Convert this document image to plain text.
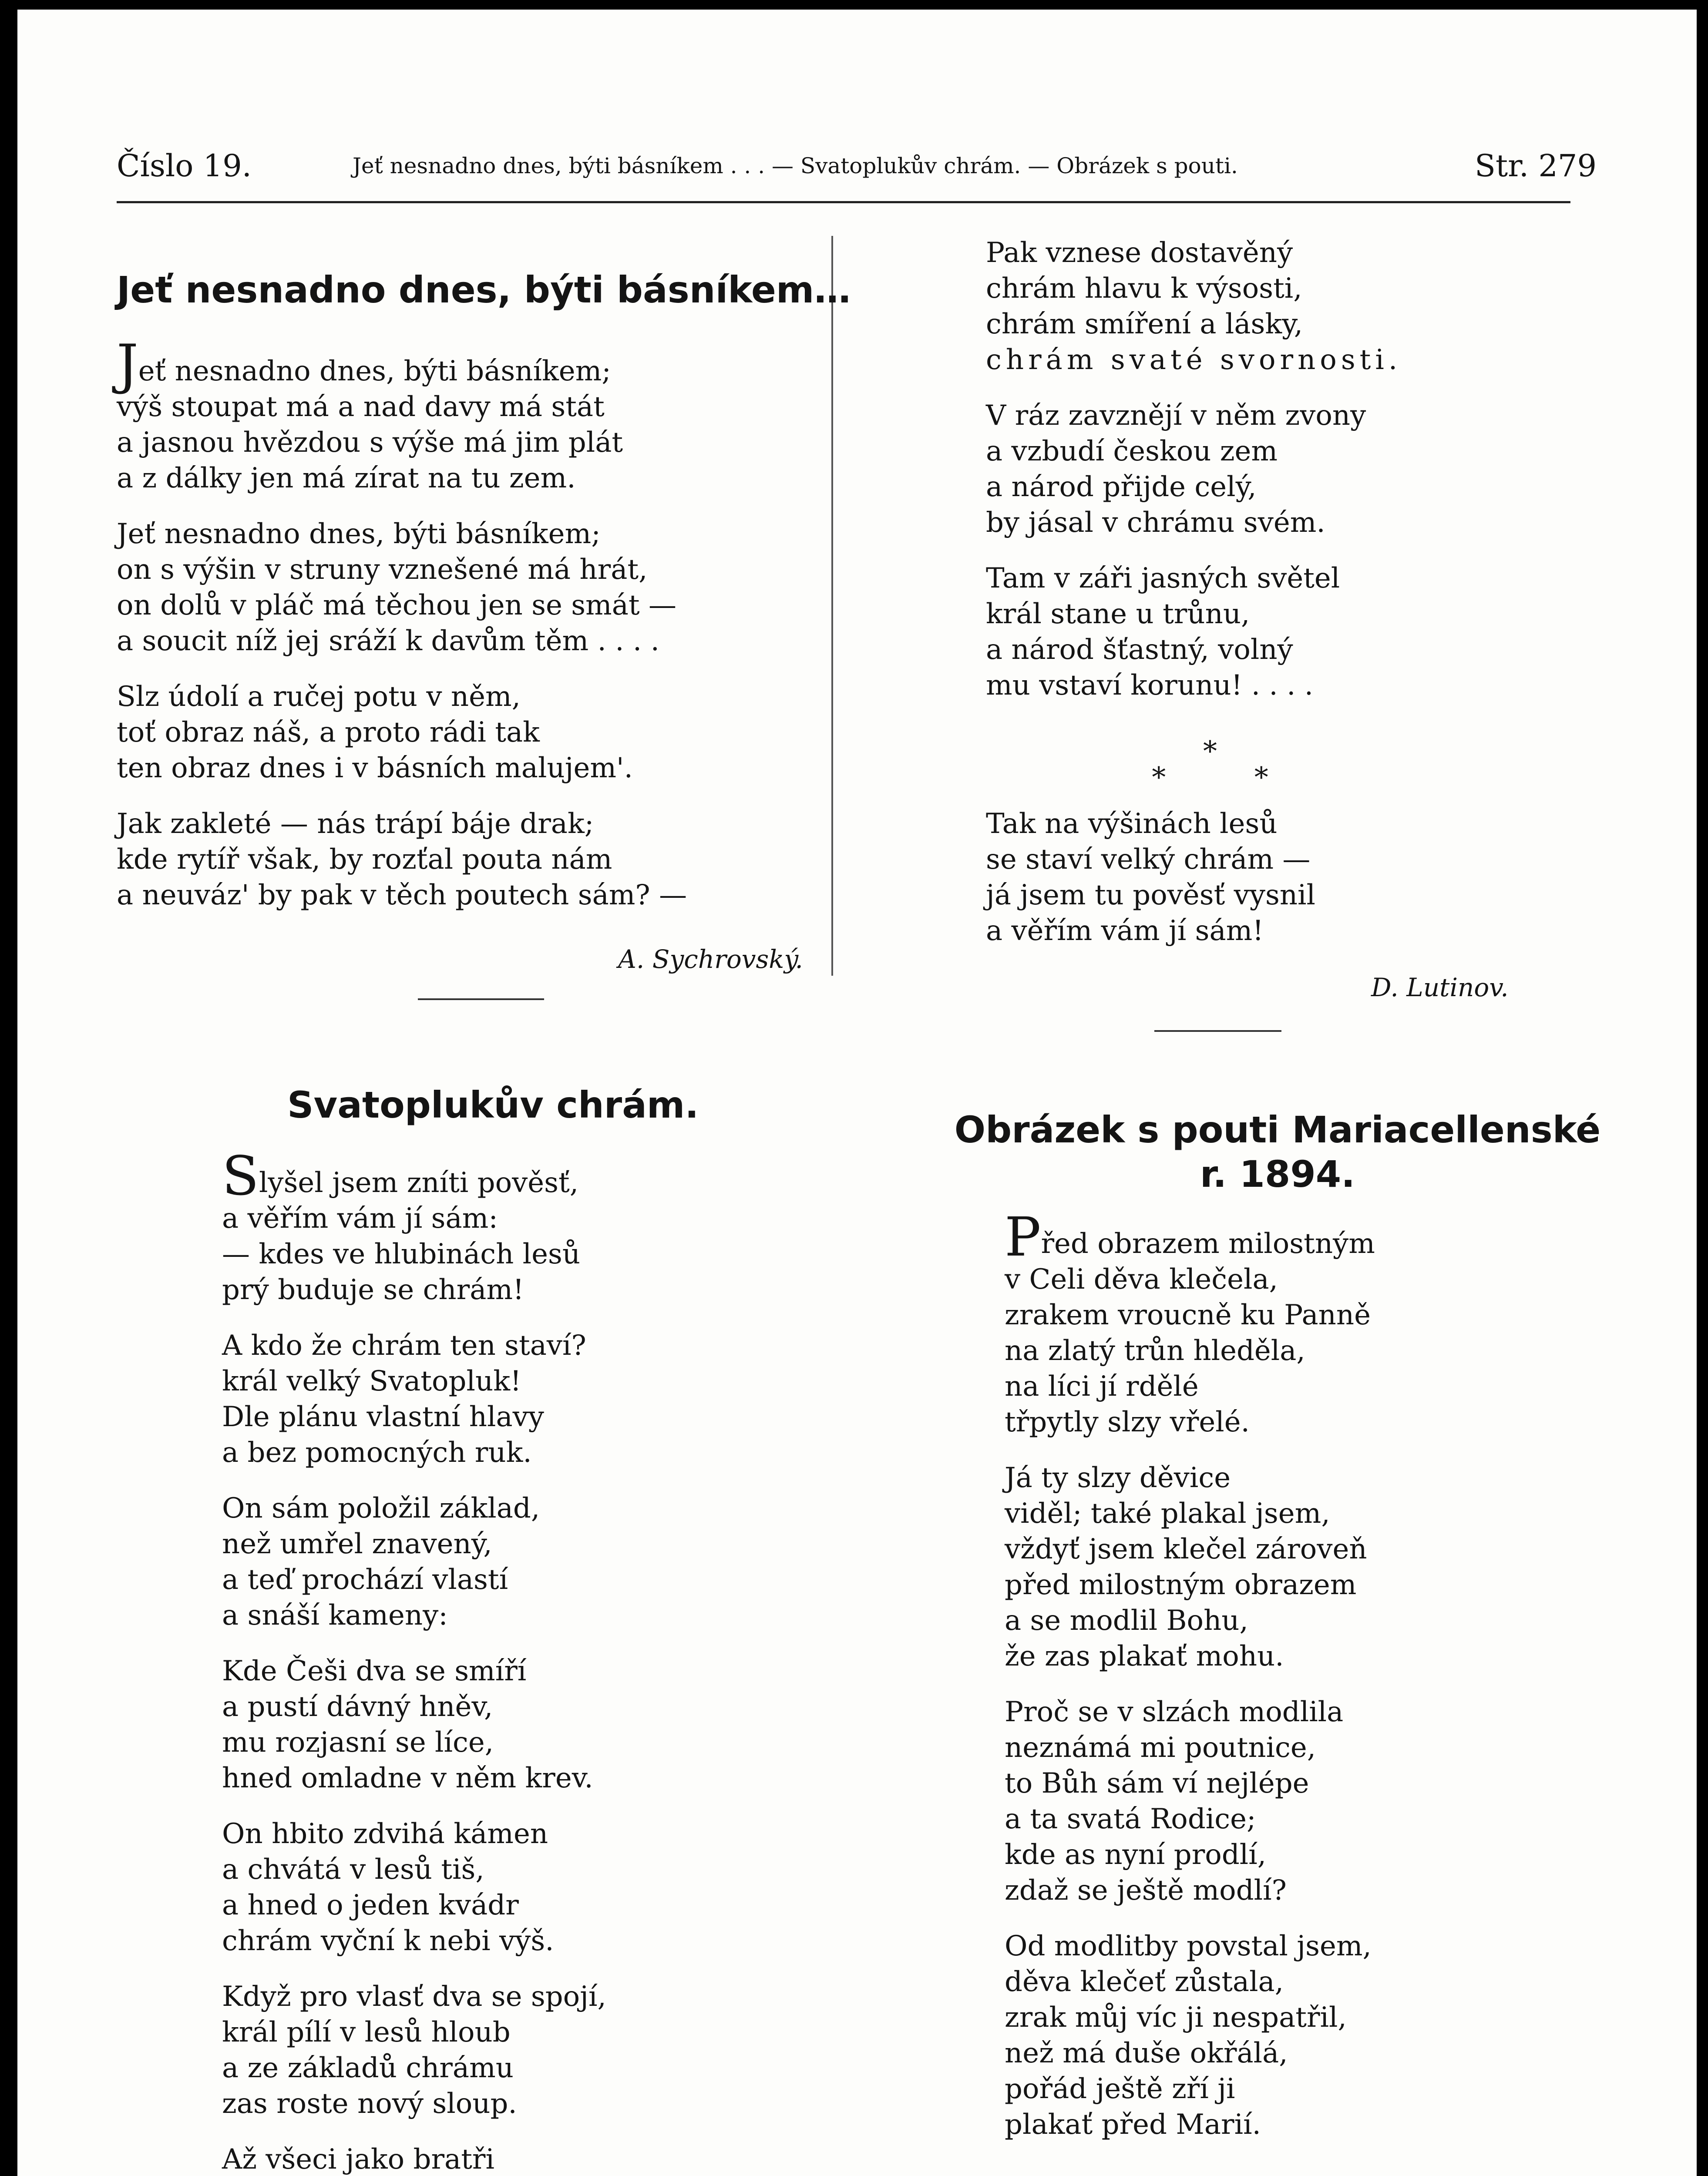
Číslo 19.	Jeť nesnadno dnes, býti básníkem . . . — Svatoplukův chrám. — Obrázek s pouti.	Str. 279
Jeť nesnadno dnes, býti básníkem…
Jeť nesnadno dnes, býti básníkem;
výš stoupat má a nad davy má stát
a jasnou hvězdou s výše má jim plát
a z dálky jen má zírat na tu zem.
Jeť nesnadno dnes, býti básníkem;
on s výšin v struny vznešené má hrát,
on dolů v pláč má těchou jen se smát —
a soucit níž jej sráží k davům těm . . . .
Slz údolí a ručej potu v něm,
toť obraz náš, a proto rádi tak
ten obraz dnes i v básních malujem'.
Jak zakleté — nás trápí báje drak;
kde rytíř však, by rozťal pouta nám
a neuváz' by pak v těch poutech sám? —
A. Sychrovský.
Svatoplukův chrám.
Slyšel jsem zníti pověsť,
a věřím vám jí sám:
— kdes ve hlubinách lesů
prý buduje se chrám!
A kdo že chrám ten staví?
král velký Svatopluk!
Dle plánu vlastní hlavy
a bez pomocných ruk.
On sám položil základ,
než umřel znavený,
a teď prochází vlastí
a snáší kameny:
Kde Češi dva se smíří
a pustí dávný hněv,
mu rozjasní se líce,
hned omladne v něm krev.
On hbito zdvihá kámen
a chvátá v lesů tiš,
a hned o jeden kvádr
chrám vyční k nebi výš.
Když pro vlasť dva se spojí,
král pílí v lesů hloub
a ze základů chrámu
zas roste nový sloup.
Až všeci jako bratři
Pak vznese dostavěný
chrám hlavu k výsosti,
chrám smíření a lásky,
chrám svaté svornosti.
V ráz zavznějí v něm zvony
a vzbudí českou zem
a národ přijde celý,
by jásal v chrámu svém.
Tam v záři jasných světel
král stane u trůnu,
a národ šťastný, volný
mu vstaví korunu! . . . .
*
*          *
Tak na výšinách lesů
se staví velký chrám —
já jsem tu pověsť vysnil
a věřím vám jí sám!
D. Lutinov.
Obrázek s pouti Mariacellenské
r. 1894.
Před obrazem milostným
v Celi děva klečela,
zrakem vroucně ku Panně
na zlatý trůn hleděla,
na líci jí rdělé
třpytly slzy vřelé.
Já ty slzy děvice
viděl; také plakal jsem,
vždyť jsem klečel zároveň
před milostným obrazem
a se modlil Bohu,
že zas plakať mohu.
Proč se v slzách modlila
neznámá mi poutnice,
to Bůh sám ví nejlépe
a ta svatá Rodice;
kde as nyní prodlí,
zdaž se ještě modlí?
Od modlitby povstal jsem,
děva klečeť zůstala,
zrak můj víc ji nespatřil,
než má duše okřálá,
pořád ještě zří ji
plakať před Marií.
